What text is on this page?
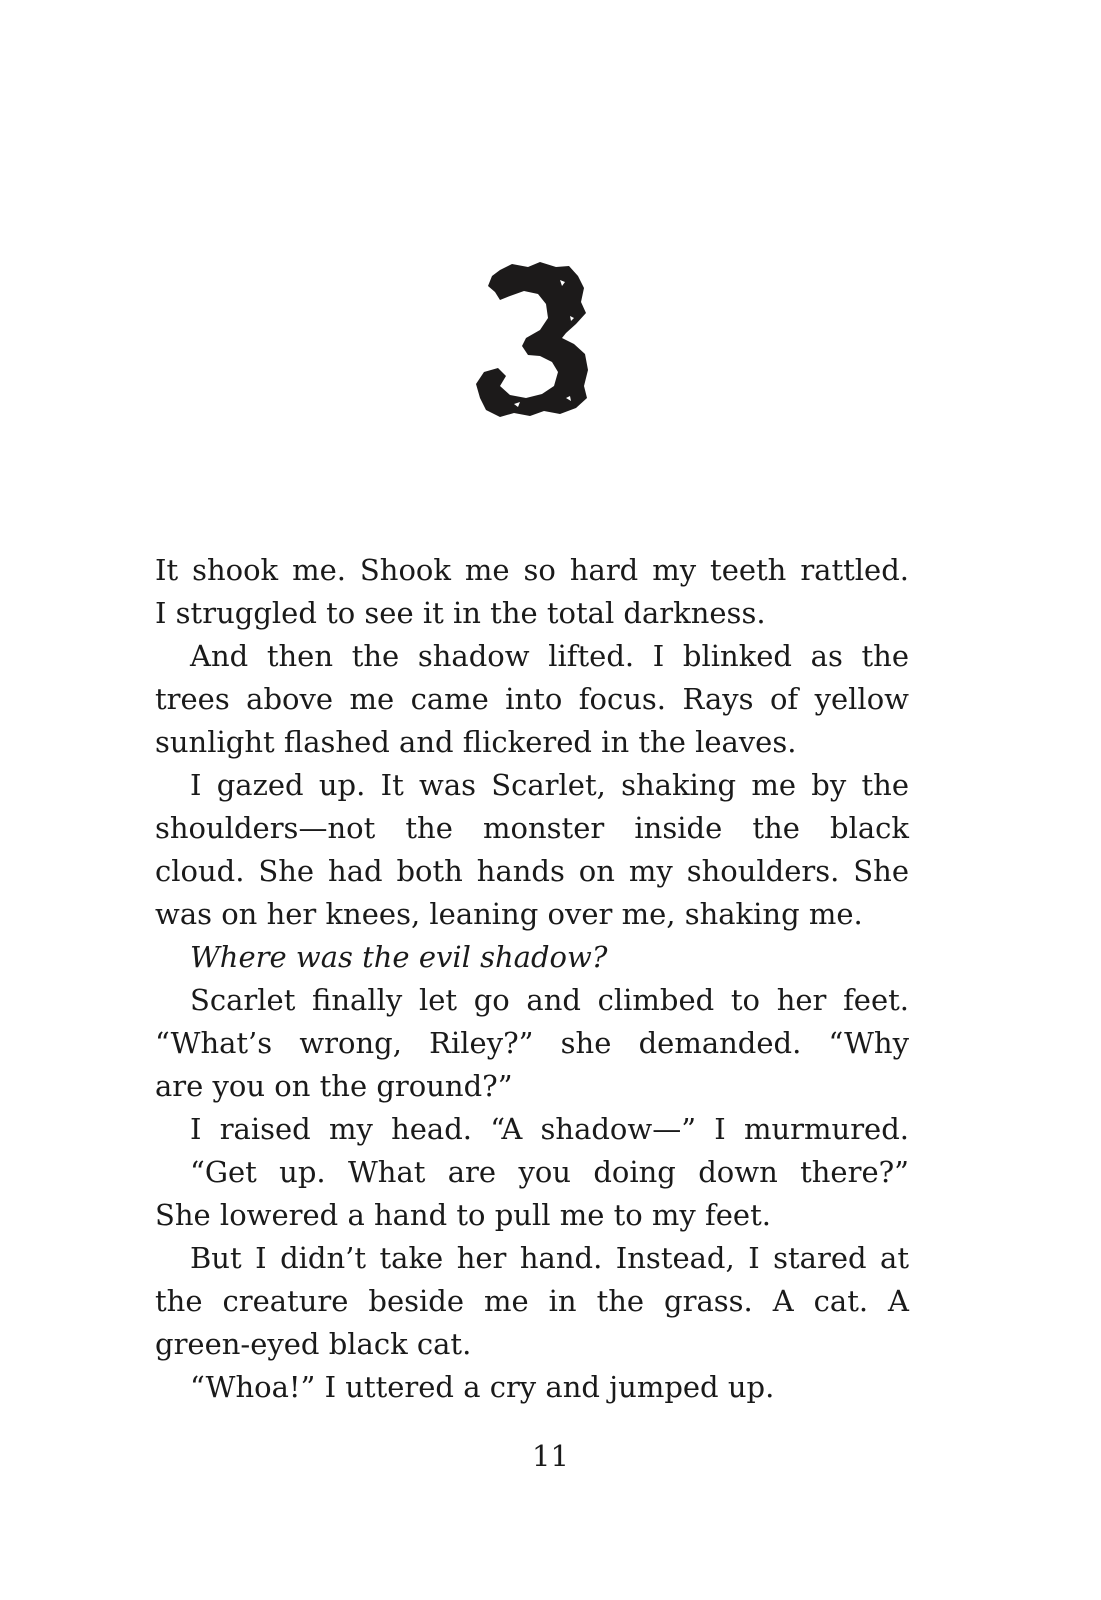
It shook me. Shook me so hard my teeth rattled.
I struggled to see it in the total darkness.
And then the shadow lifted. I blinked as the
trees above me came into focus. Rays of yellow
sunlight flashed and flickered in the leaves.
I gazed up. It was Scarlet, shaking me by the
shoulders—not the monster inside the black
cloud. She had both hands on my shoulders. She
was on her knees, leaning over me, shaking me.
Where was the evil shadow?
Scarlet finally let go and climbed to her feet.
“What’s wrong, Riley?” she demanded. “Why
are you on the ground?”
I raised my head. “A shadow—” I murmured.
“Get up. What are you doing down there?”
She lowered a hand to pull me to my feet.
But I didn’t take her hand. Instead, I stared at
the creature beside me in the grass. A cat. A
green-eyed black cat.
“Whoa!” I uttered a cry and jumped up.
11
